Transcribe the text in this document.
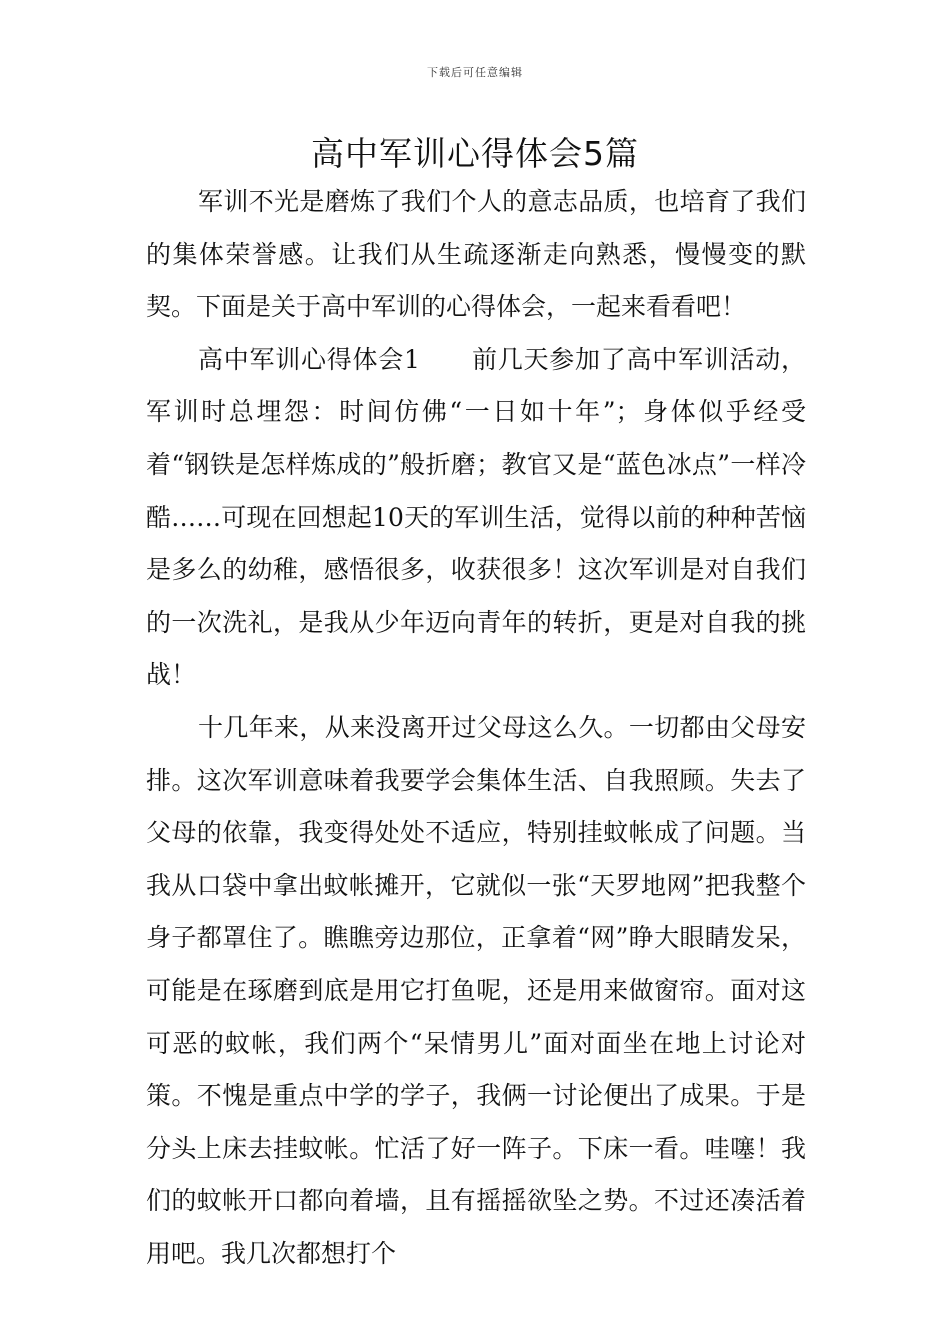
下载后可任意编辑
高中军训心得体会5篇

军训不光是磨炼了我们个人的意志品质，也培育了我们的集体荣誉感。让我们从生疏逐渐走向熟悉，慢慢变的默契。下面是关于高中军训的心得体会，一起来看看吧！

高中军训心得体会1　　前几天参加了高中军训活动，军训时总埋怨：时间仿佛“一日如十年”；身体似乎经受着“钢铁是怎样炼成的”般折磨；教官又是“蓝色冰点”一样冷酷……可现在回想起10天的军训生活，觉得以前的种种苦恼是多么的幼稚，感悟很多，收获很多！这次军训是对自我们的一次洗礼，是我从少年迈向青年的转折，更是对自我的挑战！

十几年来，从来没离开过父母这么久。一切都由父母安排。这次军训意味着我要学会集体生活、自我照顾。失去了父母的依靠，我变得处处不适应，特别挂蚊帐成了问题。当我从口袋中拿出蚊帐摊开，它就似一张“天罗地网”把我整个身子都罩住了。瞧瞧旁边那位，正拿着“网”睁大眼睛发呆，可能是在琢磨到底是用它打鱼呢，还是用来做窗帘。面对这可恶的蚊帐，我们两个“呆情男儿”面对面坐在地上讨论对策。不愧是重点中学的学子，我俩一讨论便出了成果。于是分头上床去挂蚊帐。忙活了好一阵子。下床一看。哇噻！我们的蚊帐开口都向着墙，且有摇摇欲坠之势。不过还凑活着用吧。我几次都想打个
